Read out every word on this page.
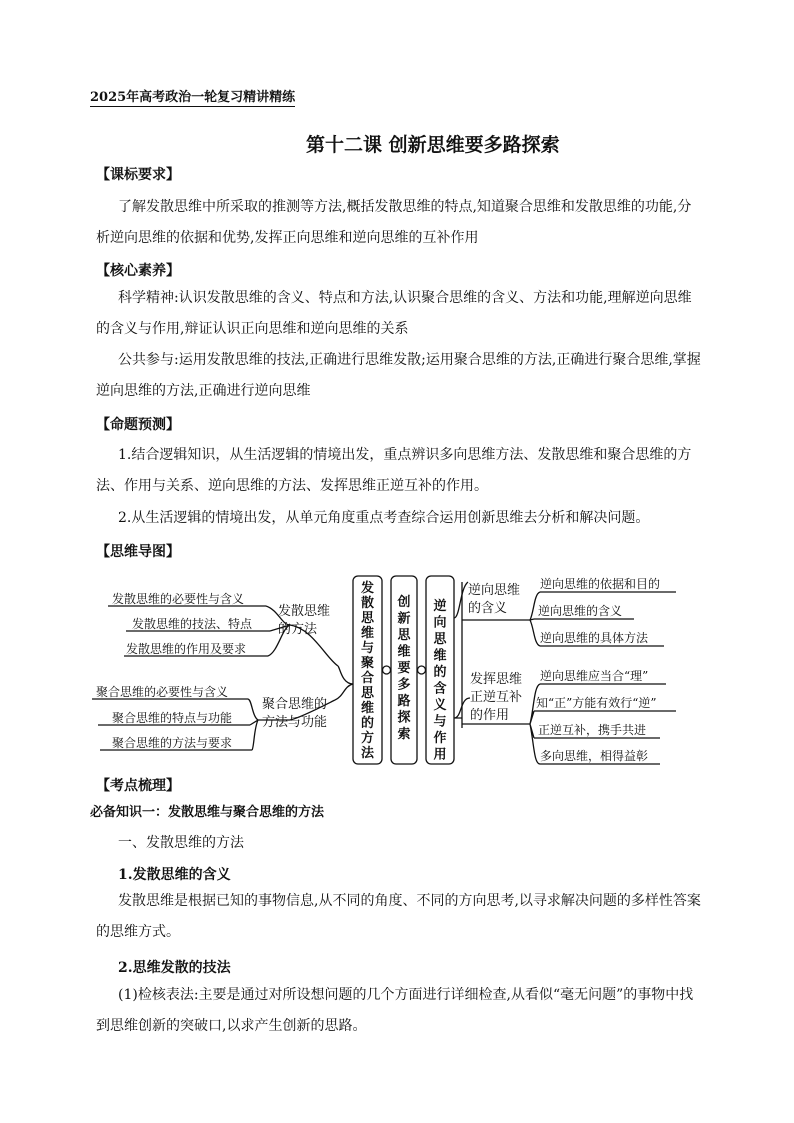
2025年高考政治一轮复习精讲精练
第十二课 创新思维要多路探索
【课标要求】
了解发散思维中所采取的推测等方法,概括发散思维的特点,知道聚合思维和发散思维的功能,分析逆向思维的依据和优势,发挥正向思维和逆向思维的互补作用
【核心素养】
科学精神:认识发散思维的含义、特点和方法,认识聚合思维的含义、方法和功能,理解逆向思维的含义与作用,辩证认识正向思维和逆向思维的关系
公共参与:运用发散思维的技法,正确进行思维发散;运用聚合思维的方法,正确进行聚合思维,掌握逆向思维的方法,正确进行逆向思维
【命题预测】
1.结合逻辑知识，从生活逻辑的情境出发，重点辨识多向思维方法、发散思维和聚合思维的方法、作用与关系、逆向思维的方法、发挥思维正逆互补的作用。
2.从生活逻辑的情境出发，从单元角度重点考查综合运用创新思维去分析和解决问题。
【思维导图】
发散思维与聚合思维的方法
创新思维要多路探索
逆向思维的含义与作用
发散思维
的方法
聚合思维的
方法与功能
发散思维的必要性与含义
发散思维的技法、特点
发散思维的作用及要求
聚合思维的必要性与含义
聚合思维的特点与功能
聚合思维的方法与要求
逆向思维
的含义
发挥思维
正逆互补
的作用
逆向思维的依据和目的
逆向思维的含义
逆向思维的具体方法
逆向思维应当合“理”
知“正”方能有效行“逆”
正逆互补，携手共进
多向思维，相得益彰
【考点梳理】
必备知识一：发散思维与聚合思维的方法
一、发散思维的方法
1.发散思维的含义
发散思维是根据已知的事物信息,从不同的角度、不同的方向思考,以寻求解决问题的多样性答案的思维方式。
2.思维发散的技法
(1)检核表法:主要是通过对所设想问题的几个方面进行详细检查,从看似“毫无问题”的事物中找到思维创新的突破口,以求产生创新的思路。
